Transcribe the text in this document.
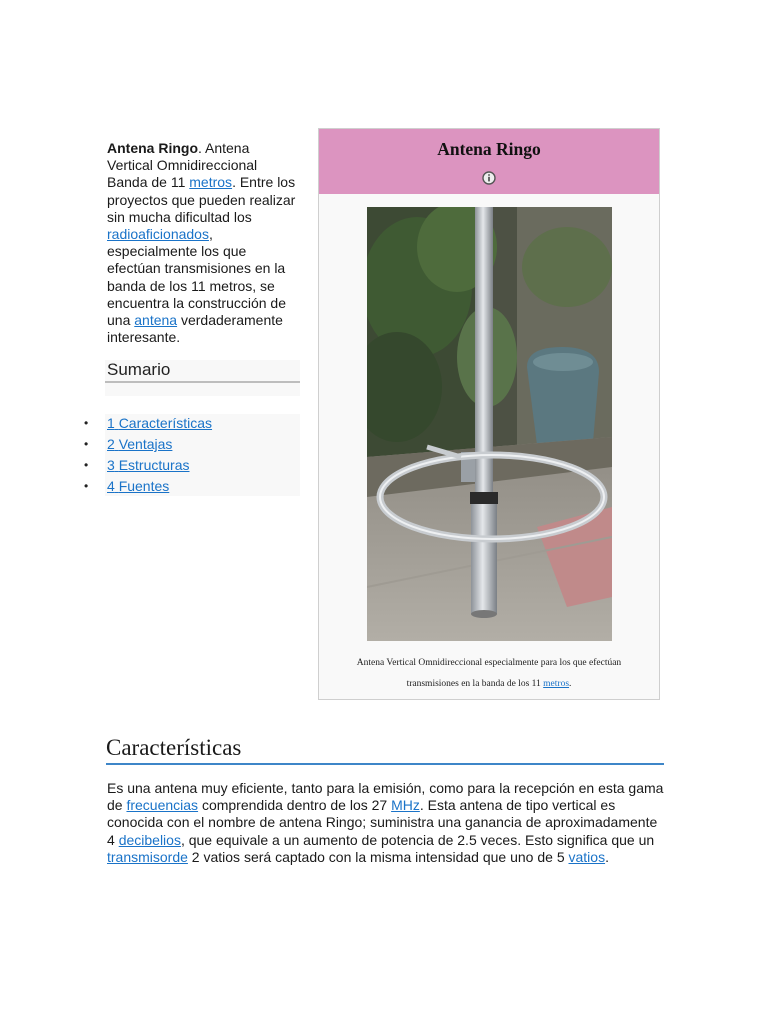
Antena Ringo. Antena Vertical Omnidireccional Banda de 11 metros. Entre los proyectos que pueden realizar sin mucha dificultad los radioaficionados, especialmente los que efectúan transmisiones en la banda de los 11 metros, se encuentra la construcción de una antena verdaderamente interesante.

Sumario
• 1 Características
• 2 Ventajas
• 3 Estructuras
• 4 Fuentes
Antena Ringo
Antena Vertical Omnidireccional especialmente para los que efectúan transmisiones en la banda de los 11 metros.
Características

Es una antena muy eficiente, tanto para la emisión, como para la recepción en esta gama de frecuencias comprendida dentro de los 27 MHz. Esta antena de tipo vertical es conocida con el nombre de antena Ringo; suministra una ganancia de aproximadamente 4 decibelios, que equivale a un aumento de potencia de 2.5 veces. Esto significa que un transmisorde 2 vatios será captado con la misma intensidad que uno de 5 vatios.
